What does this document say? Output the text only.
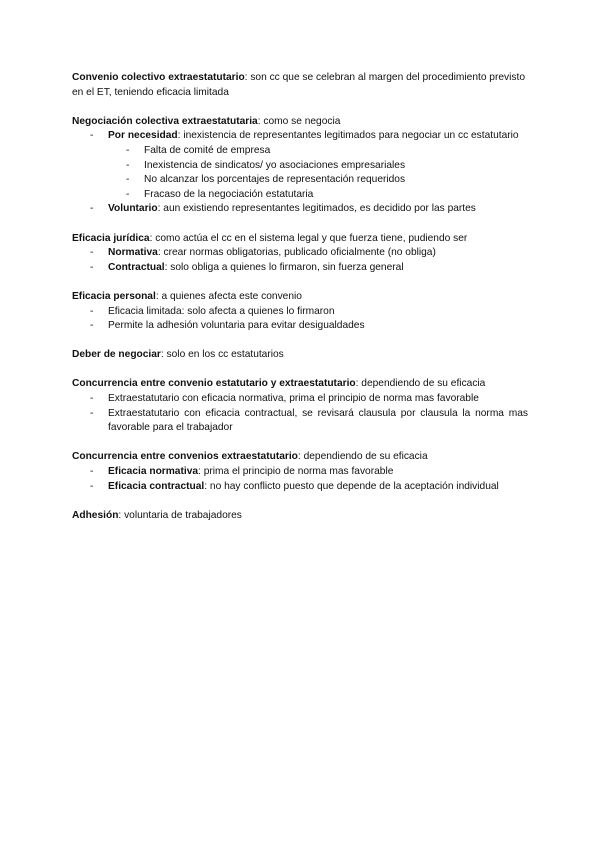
Convenio colectivo extraestatutario: son cc que se celebran al margen del procedimiento previsto en el ET, teniendo eficacia limitada

Negociación colectiva extraestatutaria: como se negocia

- Por necesidad: inexistencia de representantes legitimados para negociar un cc estatutario
- Falta de comité de empresa
- Inexistencia de sindicatos/ yo asociaciones empresariales
- No alcanzar los porcentajes de representación requeridos
- Fracaso de la negociación estatutaria
- Voluntario: aun existiendo representantes legitimados, es decidido por las partes

Eficacia jurídica: como actúa el cc en el sistema legal y que fuerza tiene, pudiendo ser

- Normativa: crear normas obligatorias, publicado oficialmente (no obliga)
- Contractual: solo obliga a quienes lo firmaron, sin fuerza general

Eficacia personal: a quienes afecta este convenio

- Eficacia limitada: solo afecta a quienes lo firmaron
- Permite la adhesión voluntaria para evitar desigualdades

Deber de negociar: solo en los cc estatutarios

Concurrencia entre convenio estatutario y extraestatutario: dependiendo de su eficacia

- Extraestatutario con eficacia normativa, prima el principio de norma mas favorable
- Extraestatutario con eficacia contractual, se revisará clausula por clausula la norma mas favorable para el trabajador

Concurrencia entre convenios extraestatutario: dependiendo de su eficacia

- Eficacia normativa: prima el principio de norma mas favorable
- Eficacia contractual: no hay conflicto puesto que depende de la aceptación individual

Adhesión: voluntaria de trabajadores
